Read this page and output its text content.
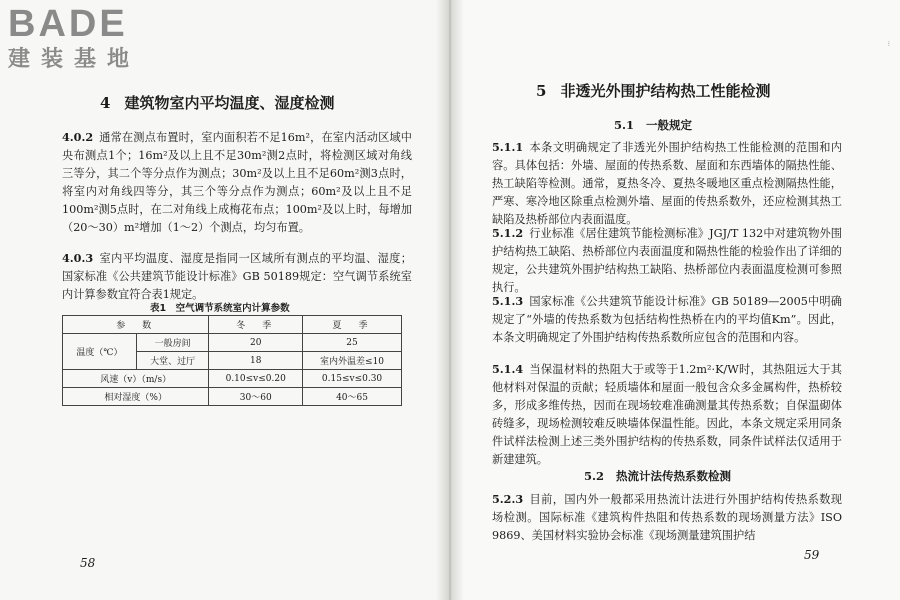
BADE
建装基地
4 建筑物室内平均温度、湿度检测

4.0.2 通常在测点布置时，室内面积若不足16m²，在室内活动区域中央布测点1个；16m²及以上且不足30m²测2点时，将检测区域对角线三等分，其二个等分点作为测点；30m²及以上且不足60m²测3点时，将室内对角线四等分，其三个等分点作为测点；60m²及以上且不足100m²测5点时，在二对角线上成梅花布点；100m²及以上时，每增加（20～30）m²增加（1～2）个测点，均匀布置。

4.0.3 室内平均温度、湿度是指同一区域所有测点的平均温、湿度；国家标准《公共建筑节能设计标准》GB 50189规定：空气调节系统室内计算参数宜符合表1规定。

表1　空气调节系统室内计算参数
参　数		冬　季	夏　季
温度（℃）	一般房间	20	25
	大堂、过厅	18	室内外温差≤10
风速（v）（m/s）		0.10≤v≤0.20	0.15≤v≤0.30
相对湿度（%）		30～60	40～65
58
⁝
5 非透光外围护结构热工性能检测
5.1 一般规定

5.1.1 本条文明确规定了非透光外围护结构热工性能检测的范围和内容。具体包括：外墙、屋面的传热系数、屋面和东西墙体的隔热性能、热工缺陷等检测。通常，夏热冬冷、夏热冬暖地区重点检测隔热性能，严寒、寒冷地区除重点检测外墙、屋面的传热系数外，还应检测其热工缺陷及热桥部位内表面温度。

5.1.2 行业标准《居住建筑节能检测标准》JGJ/T 132中对建筑物外围护结构热工缺陷、热桥部位内表面温度和隔热性能的检验作出了详细的规定，公共建筑外围护结构热工缺陷、热桥部位内表面温度检测可参照执行。

5.1.3 国家标准《公共建筑节能设计标准》GB 50189—2005中明确规定了“外墙的传热系数为包括结构性热桥在内的平均值Km”。因此，本条文明确规定了外围护结构传热系数所应包含的范围和内容。

5.1.4 当保温材料的热阻大于或等于1.2m²·K/W时，其热阻远大于其他材料对保温的贡献；轻质墙体和屋面一般包含众多金属构件，热桥较多，形成多维传热，因而在现场较难准确测量其传热系数；自保温砌体砖缝多，现场检测较难反映墙体保温性能。因此，本条文规定采用同条件试样法检测上述三类外围护结构的传热系数，同条件试样法仅适用于新建建筑。

5.2 热流计法传热系数检测

5.2.3 目前，国内外一般都采用热流计法进行外围护结构传热系数现场检测。国际标准《建筑构件热阻和传热系数的现场测量方法》ISO 9869、美国材料实验协会标准《现场测量建筑围护结

59
